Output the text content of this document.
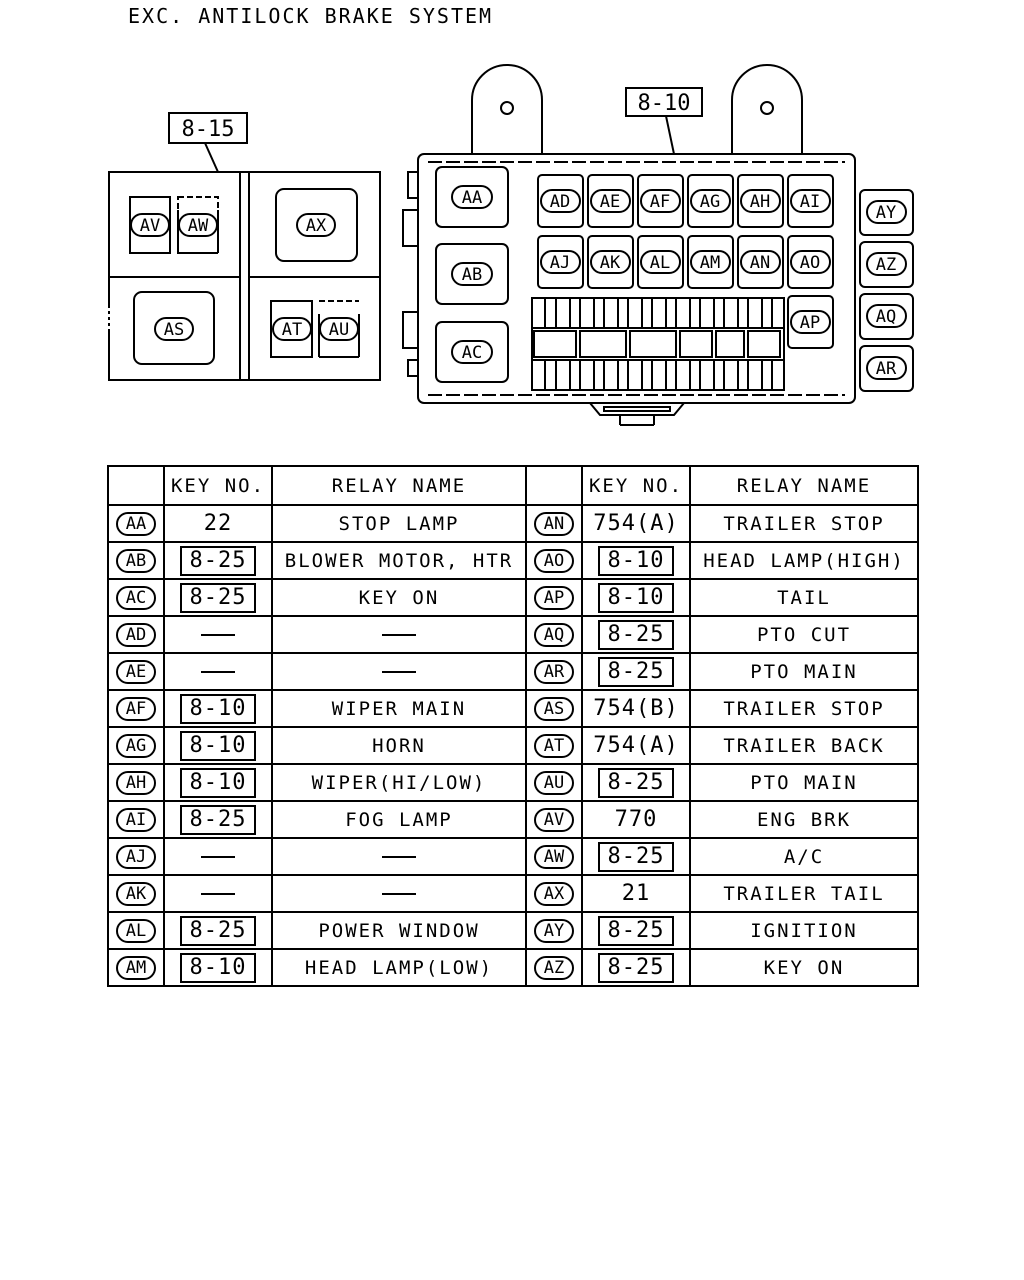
EXC. ANTILOCK BRAKE SYSTEM
8-15
AV AW	AX
AS	AT AU
8-10
AA
AB
AC
AD AE AF AG AH AI
AJ AK AL AM AN AO
AP
AY
AZ
AQ
AR
	KEY NO.	RELAY NAME		KEY NO.	RELAY NAME
AA	22	STOP LAMP	AN	754(A)	TRAILER STOP
AB	8-25	BLOWER MOTOR, HTR	AO	8-10	HEAD LAMP(HIGH)
AC	8-25	KEY ON	AP	8-10	TAIL
AD			AQ	8-25	PTO CUT
AE			AR	8-25	PTO MAIN
AF	8-10	WIPER MAIN	AS	754(B)	TRAILER STOP
AG	8-10	HORN	AT	754(A)	TRAILER BACK
AH	8-10	WIPER(HI/LOW)	AU	8-25	PTO MAIN
AI	8-25	FOG LAMP	AV	770	ENG BRK
AJ			AW	8-25	A/C
AK			AX	21	TRAILER TAIL
AL	8-25	POWER WINDOW	AY	8-25	IGNITION
AM	8-10	HEAD LAMP(LOW)	AZ	8-25	KEY ON
